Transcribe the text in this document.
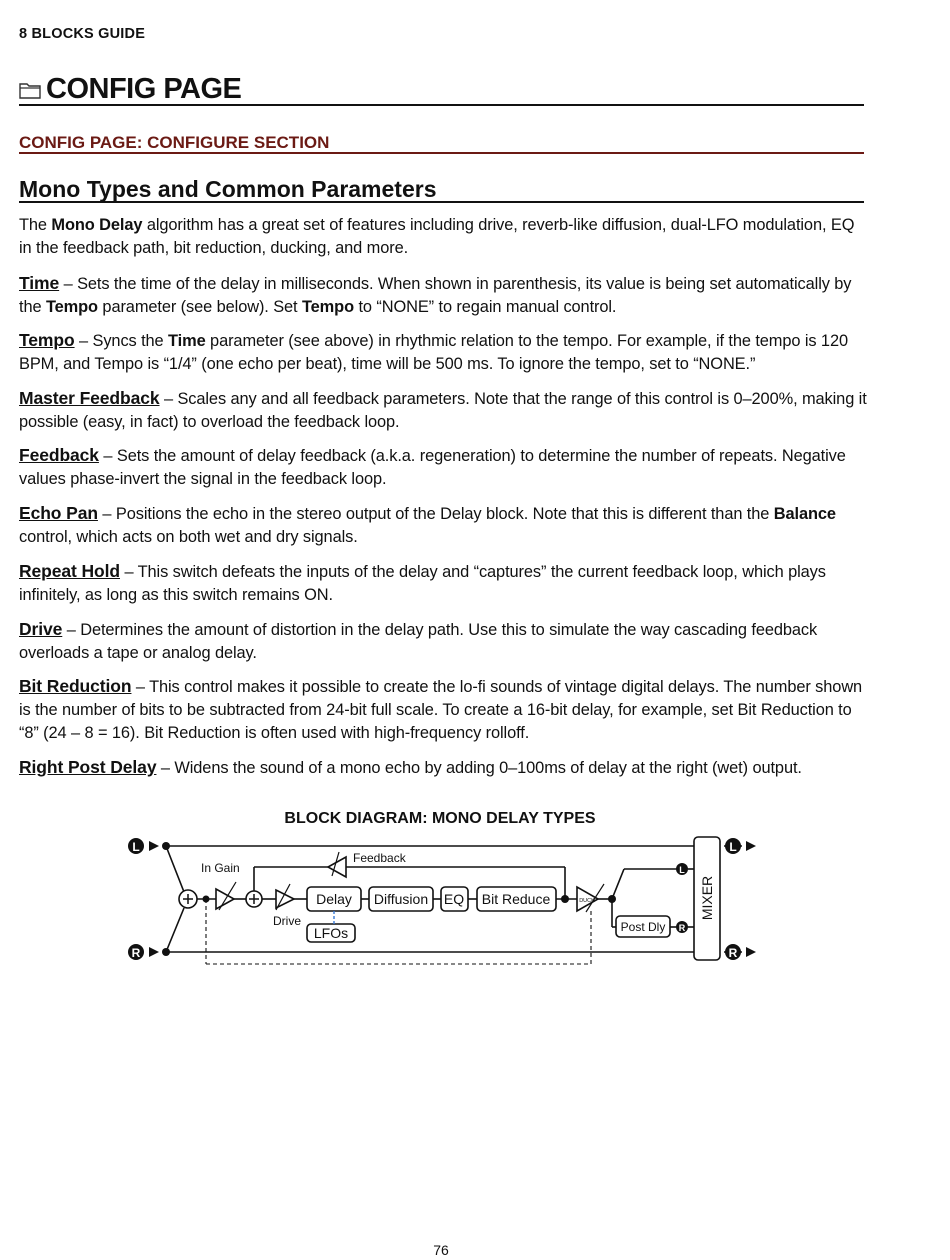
8 BLOCKS GUIDE
CONFIG PAGE
CONFIG PAGE: CONFIGURE SECTION
Mono Types and Common Parameters
The Mono Delay algorithm has a great set of features including drive, reverb-like diffusion, dual-LFO modulation, EQ in the feedback path, bit reduction, ducking, and more.
Time – Sets the time of the delay in milliseconds. When shown in parenthesis, its value is being set automatically by the Tempo parameter (see below). Set Tempo to “NONE” to regain manual control.
Tempo – Syncs the Time parameter (see above) in rhythmic relation to the tempo. For example, if the tempo is 120 BPM, and Tempo is “1/4” (one echo per beat), time will be 500 ms. To ignore the tempo, set to “NONE.”
Master Feedback – Scales any and all feedback parameters. Note that the range of this control is 0–200%, making it possible (easy, in fact) to overload the feedback loop.
Feedback – Sets the amount of delay feedback (a.k.a. regeneration) to determine the number of repeats. Negative values phase-invert the signal in the feedback loop.
Echo Pan – Positions the echo in the stereo output of the Delay block. Note that this is different than the Balance control, which acts on both wet and dry signals.
Repeat Hold – This switch defeats the inputs of the delay and “captures” the current feedback loop, which plays infinitely, as long as this switch remains ON.
Drive – Determines the amount of distortion in the delay path. Use this to simulate the way cascading feedback overloads a tape or analog delay.
Bit Reduction – This control makes it possible to create the lo-fi sounds of vintage digital delays. The number shown is the number of bits to be subtracted from 24-bit full scale. To create a 16-bit delay, for example, set Bit Reduction to “8” (24 – 8 = 16). Bit Reduction is often used with high-frequency rolloff.
Right Post Delay – Widens the sound of a mono echo by adding 0–100ms of delay at the right (wet) output.
BLOCK DIAGRAM: MONO DELAY TYPES
L
R
L
R
L
R
In Gain
Feedback
Drive
Delay Diffusion EQ Bit Reduce
LFOs	Post Dly
DUCK	MIXER
76
